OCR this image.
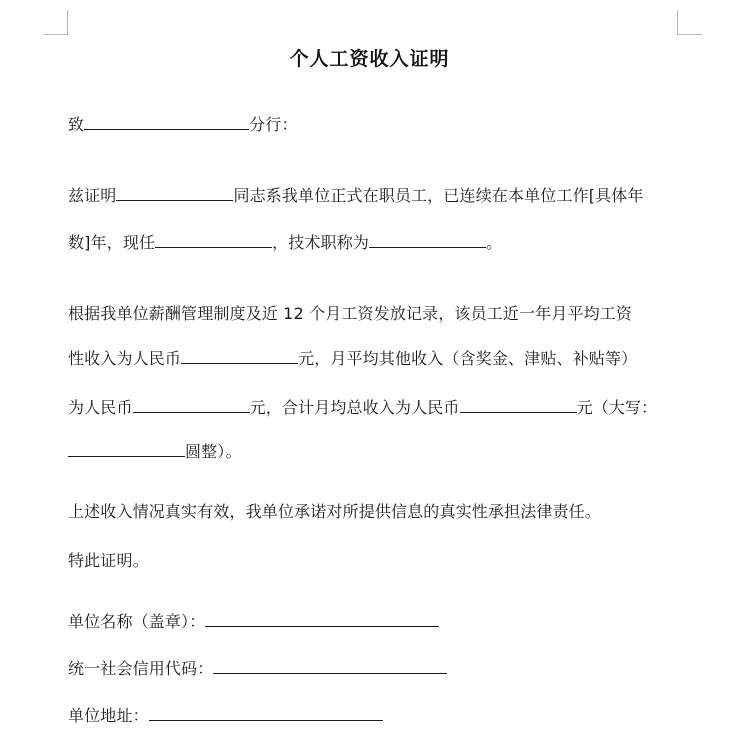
个人工资收入证明
致	分行：
兹证明	同志系我单位正式在职员工，已连续在本单位工作[具体年
数]年，现任	，技术职称为	。
根据我单位薪酬管理制度及近 12 个月工资发放记录，该员工近一年月平均工资
性收入为人民币	元，月平均其他收入（含奖金、津贴、补贴等）
为人民币	元，合计月均总收入为人民币	元（大写：
圆整）。
上述收入情况真实有效，我单位承诺对所提供信息的真实性承担法律责任。
特此证明。
单位名称（盖章）：
统一社会信用代码：
单位地址：
